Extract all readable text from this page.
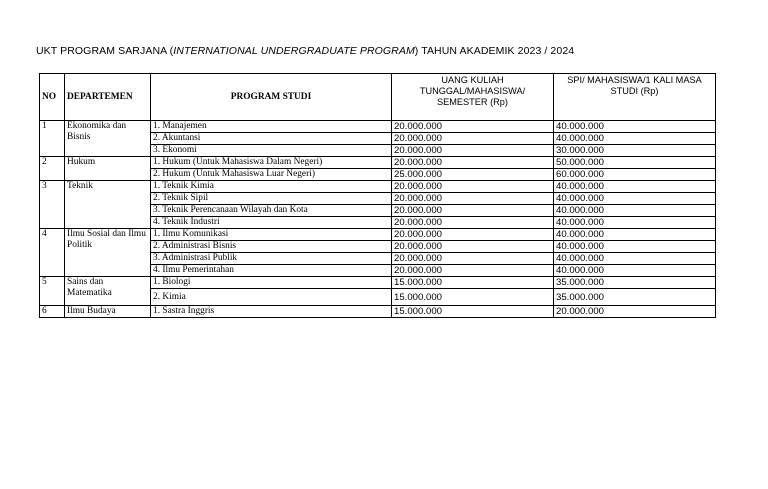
UKT PROGRAM SARJANA (INTERNATIONAL UNDERGRADUATE PROGRAM) TAHUN AKADEMIK 2023 / 2024
NO	DEPARTEMEN	PROGRAM STUDI	UANG KULIAH TUNGGAL/MAHASISWA/ SEMESTER (Rp)	SPI/ MAHASISWA/1 KALI MASA STUDI (Rp)
1	Ekonomika dan Bisnis	1. Manajemen	20.000.000	40.000.000
		2. Akuntansi	20.000.000	40.000.000
		3. Ekonomi	20.000.000	30.000.000
2	Hukum	1. Hukum (Untuk Mahasiswa Dalam Negeri)	20.000.000	50.000.000
		2. Hukum (Untuk Mahasiswa Luar Negeri)	25.000.000	60.000.000
3	Teknik	1. Teknik Kimia	20.000.000	40.000.000
		2. Teknik Sipil	20.000.000	40.000.000
		3. Teknik Perencanaan Wilayah dan Kota	20.000.000	40.000.000
		4. Teknik Industri	20.000.000	40.000.000
4	Ilmu Sosial dan Ilmu Politik	1. Ilmu Komunikasi	20.000.000	40.000.000
		2. Administrasi Bisnis	20.000.000	40.000.000
		3. Administrasi Publik	20.000.000	40.000.000
		4. Ilmu Pemerintahan	20.000.000	40.000.000
5	Sains dan Matematika	1. Biologi	15.000.000	35.000.000
		2. Kimia	15.000.000	35.000.000
6	Ilmu Budaya	1. Sastra Inggris	15.000.000	20.000.000
